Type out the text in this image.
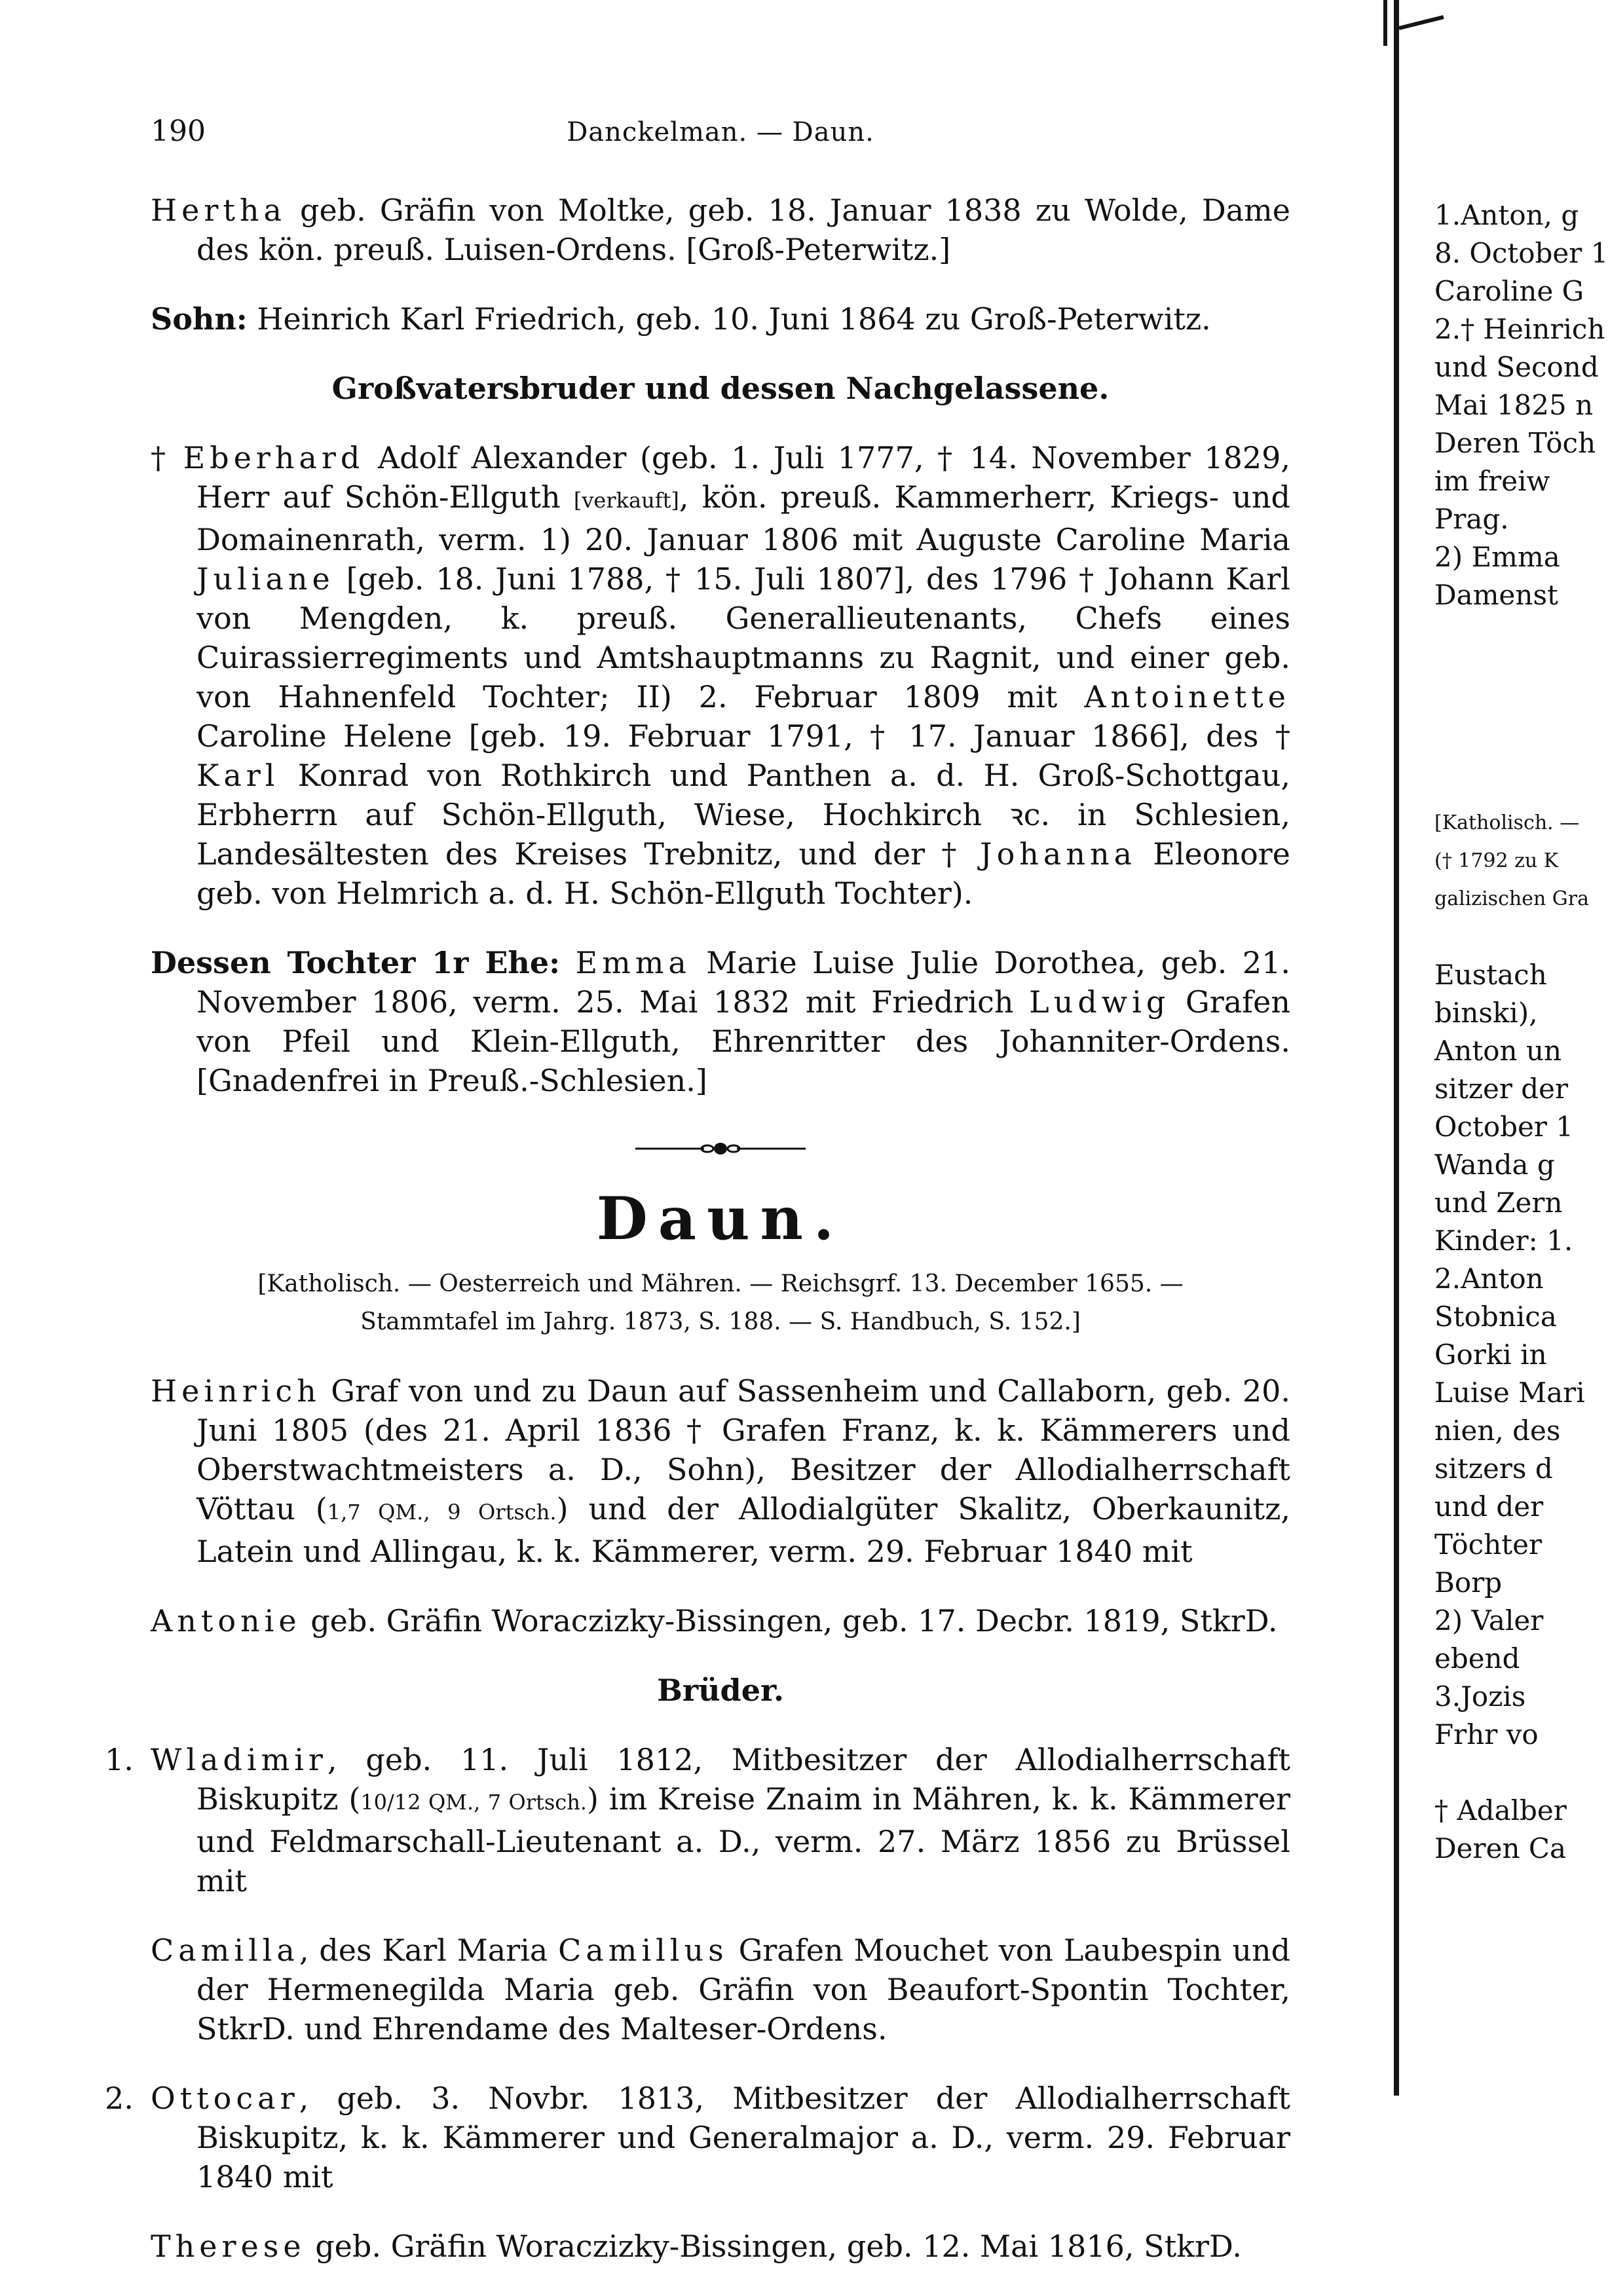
190	Danckelman. — Daun.

Hertha geb. Gräfin von Moltke, geb. 18. Januar 1838 zu Wolde, Dame des kön. preuß. Luisen-Ordens. [Groß-Peterwitz.]

Sohn: Heinrich Karl Friedrich, geb. 10. Juni 1864 zu Groß-Peterwitz.

Großvatersbruder und dessen Nachgelassene.

† Eberhard Adolf Alexander (geb. 1. Juli 1777, † 14. November 1829, Herr auf Schön-Ellguth [verkauft], kön. preuß. Kammerherr, Kriegs- und Domainenrath, verm. 1) 20. Januar 1806 mit Auguste Caroline Maria Juliane [geb. 18. Juni 1788, † 15. Juli 1807], des 1796 † Johann Karl von Mengden, k. preuß. Generallieutenants, Chefs eines Cuirassierregiments und Amtshauptmanns zu Ragnit, und einer geb. von Hahnenfeld Tochter; II) 2. Februar 1809 mit Antoinette Caroline Helene [geb. 19. Februar 1791, † 17. Januar 1866], des † Karl Konrad von Rothkirch und Panthen a. d. H. Groß-Schottgau, Erbherrn auf Schön-Ellguth, Wiese, Hochkirch ꝛc. in Schlesien, Landesältesten des Kreises Trebnitz, und der † Johanna Eleonore geb. von Helmrich a. d. H. Schön-Ellguth Tochter).

Dessen Tochter 1r Ehe: Emma Marie Luise Julie Dorothea, geb. 21. November 1806, verm. 25. Mai 1832 mit Friedrich Ludwig Grafen von Pfeil und Klein-Ellguth, Ehrenritter des Johanniter-Ordens. [Gnadenfrei in Preuß.-Schlesien.]

Daun.
[Katholisch. — Oesterreich und Mähren. — Reichsgrf. 13. December 1655. —
Stammtafel im Jahrg. 1873, S. 188. — S. Handbuch, S. 152.]

Heinrich Graf von und zu Daun auf Sassenheim und Callaborn, geb. 20. Juni 1805 (des 21. April 1836 † Grafen Franz, k. k. Kämmerers und Oberstwachtmeisters a. D., Sohn), Besitzer der Allodialherrschaft Vöttau (1,7 QM., 9 Ortsch.) und der Allodialgüter Skalitz, Oberkaunitz, Latein und Allingau, k. k. Kämmerer, verm. 29. Februar 1840 mit

Antonie geb. Gräfin Woraczizky-Bissingen, geb. 17. Decbr. 1819, StkrD.

Brüder.

1. Wladimir, geb. 11. Juli 1812, Mitbesitzer der Allodialherrschaft Biskupitz (10/12 QM., 7 Ortsch.) im Kreise Znaim in Mähren, k. k. Kämmerer und Feldmarschall-Lieutenant a. D., verm. 27. März 1856 zu Brüssel mit

Camilla, des Karl Maria Camillus Grafen Mouchet von Laubespin und der Hermenegilda Maria geb. Gräfin von Beaufort-Spontin Tochter, StkrD. und Ehrendame des Malteser-Ordens.

2. Ottocar, geb. 3. Novbr. 1813, Mitbesitzer der Allodialherrschaft Biskupitz, k. k. Kämmerer und Generalmajor a. D., verm. 29. Februar 1840 mit

Therese geb. Gräfin Woraczizky-Bissingen, geb. 12. Mai 1816, StkrD.

1.Anton, g
8. October 1
Caroline G
2.† Heinrich
und Second
Mai 1825 n
Deren Töch
im freiw
Prag.
2) Emma
Damenst

[Katholisch. —
(† 1792 zu K
galizischen Gra

Eustach
binski),
Anton un
sitzer der
October 1
Wanda g
und Zern
Kinder: 1.
2.Anton
Stobnica
Gorki in
Luise Mari
nien, des
sitzers d
und der
Töchter
Borp
2) Valer
ebend
3.Jozis
Frhr vo

† Adalber
Deren Ca
